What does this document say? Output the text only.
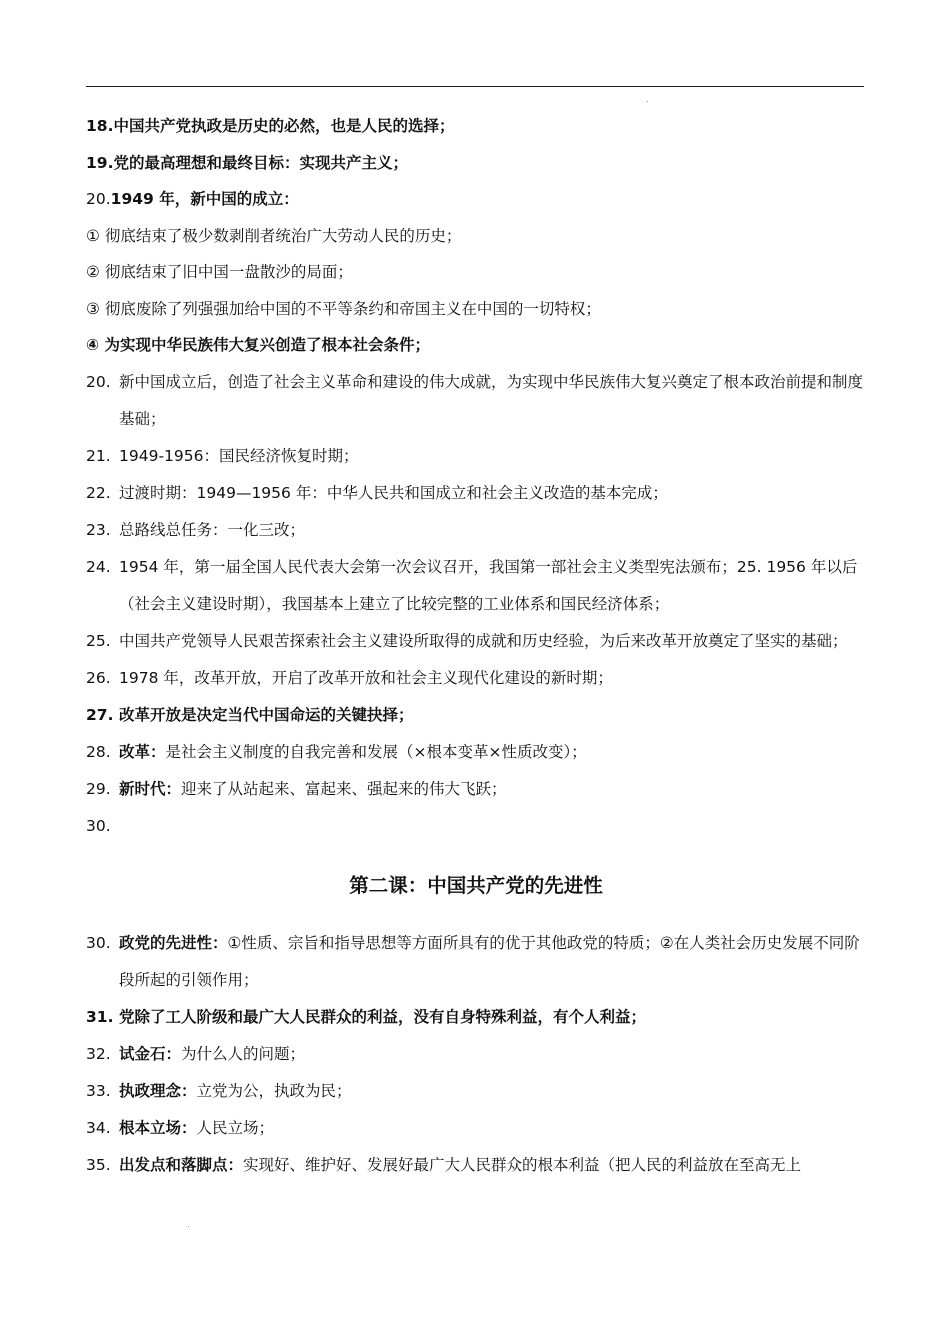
18.中国共产党执政是历史的必然，也是人民的选择；
19.党的最高理想和最终目标：实现共产主义；
20.1949 年，新中国的成立：
① 彻底结束了极少数剥削者统治广大劳动人民的历史；
② 彻底结束了旧中国一盘散沙的局面；
③ 彻底废除了列强强加给中国的不平等条约和帝国主义在中国的一切特权；
④ 为实现中华民族伟大复兴创造了根本社会条件；
20. 新中国成立后，创造了社会主义革命和建设的伟大成就，为实现中华民族伟大复兴奠定了根本政治前提和制度基础；
21. 1949-1956：国民经济恢复时期；
22. 过渡时期：1949—1956 年：中华人民共和国成立和社会主义改造的基本完成；
23. 总路线总任务：一化三改；
24. 1954 年，第一届全国人民代表大会第一次会议召开，我国第一部社会主义类型宪法颁布；25. 1956 年以后（社会主义建设时期），我国基本上建立了比较完整的工业体系和国民经济体系；
25. 中国共产党领导人民艰苦探索社会主义建设所取得的成就和历史经验，为后来改革开放奠定了坚实的基础；
26. 1978 年，改革开放，开启了改革开放和社会主义现代化建设的新时期；
27. 改革开放是决定当代中国命运的关键抉择；
28. 改革：是社会主义制度的自我完善和发展（×根本变革×性质改变）；
29. 新时代：迎来了从站起来、富起来、强起来的伟大飞跃；
30.
第二课：中国共产党的先进性
30. 政党的先进性：①性质、宗旨和指导思想等方面所具有的优于其他政党的特质；②在人类社会历史发展不同阶段所起的引领作用；
31. 党除了工人阶级和最广大人民群众的利益，没有自身特殊利益，有个人利益；
32. 试金石：为什么人的问题；
33. 执政理念：立党为公，执政为民；
34. 根本立场：人民立场；
35. 出发点和落脚点：实现好、维护好、发展好最广大人民群众的根本利益（把人民的利益放在至高无上
